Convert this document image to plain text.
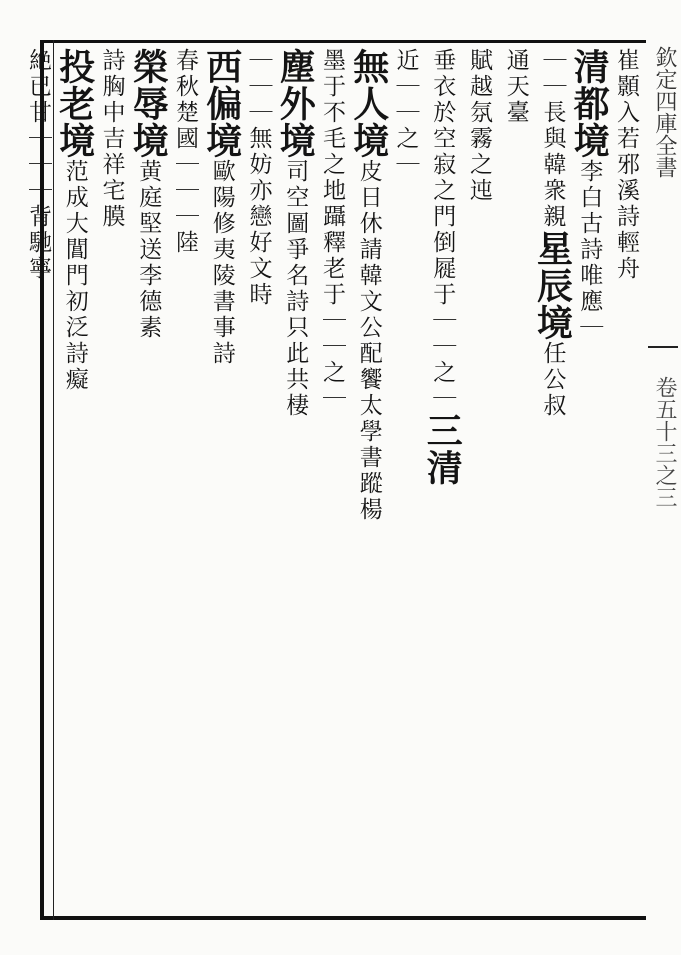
欽定四庫全書
卷五十三之三
崔顥入若邪溪詩輕舟
清都境李白古詩唯應｜
｜｜長與韓衆親星辰境任公叔
通天臺
賦越氛霧之迍
垂衣於空寂之門倒屣于｜｜之｜三清
近｜｜之｜
無人境皮日休請韓文公配饗太學書蹤楊
墨于不毛之地躡釋老于｜｜之｜
塵外境司空圖爭名詩只此共棲
｜｜｜無妨亦戀好文時
西偏境歐陽修夷陵書事詩
春秋楚國｜｜｜陸
榮辱境黄庭堅送李德素
詩胸中吉祥宅膜
投老境范成大閶門初泛詩癡
絶已甘｜｜｜背馳寧
